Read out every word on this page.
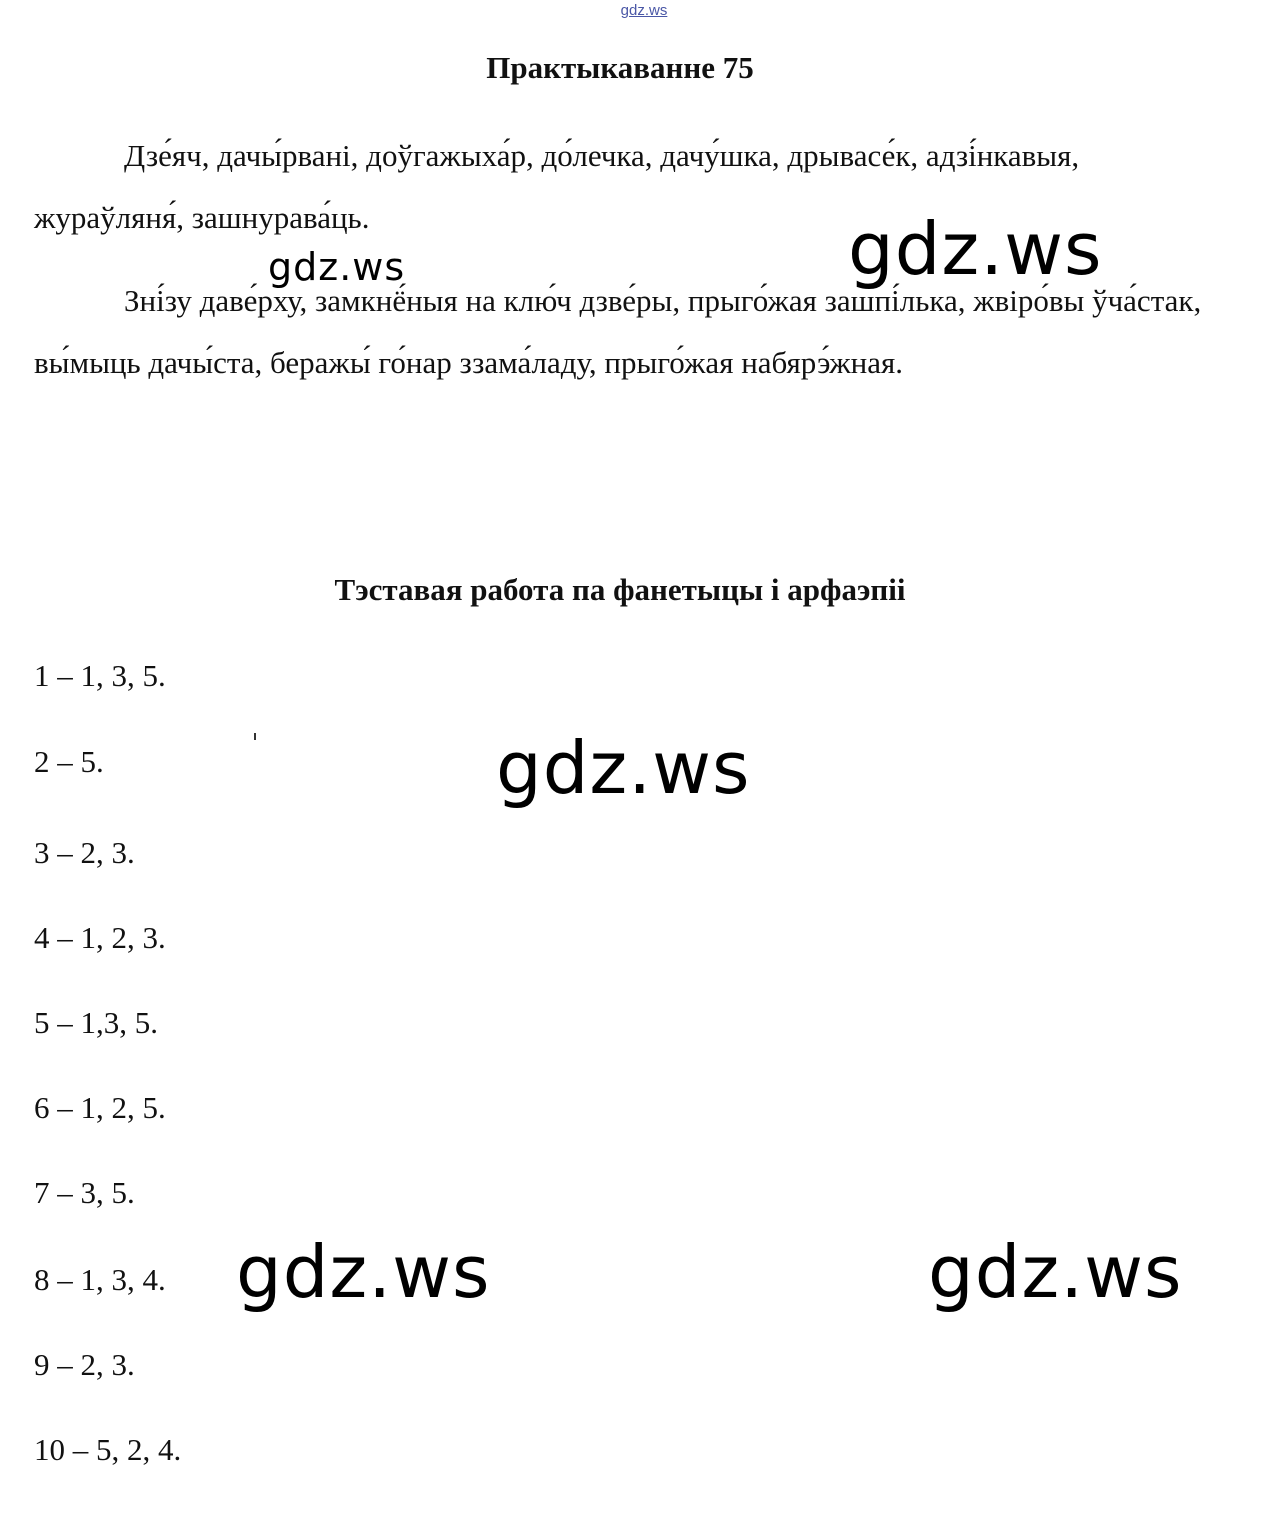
gdz.ws
Практыкаванне 75

Дзе́яч, дачы́рвані, доўгажыха́р, до́лечка, дачу́шка, дрывасе́к, адзі́нкавыя, жураўляня́, зашнурава́ць.

Зні́зу даве́рху, замкнё́ныя на клю́ч дзве́ры, прыго́жая зашпі́лька, жвіро́вы ўча́стак, вы́мыць дачы́ста, беражы́ го́нар ззама́ладу, прыго́жая набярэ́жная.

Тэставая работа па фанетыцы і арфаэпіі

1 – 1, 3, 5.

2 – 5.

3 – 2, 3.

4 – 1, 2, 3.

5 – 1,3, 5.

6 – 1, 2, 5.

7 – 3, 5.

8 – 1, 3, 4.

9 – 2, 3.

10 – 5, 2, 4.

gdz.ws	gdz.ws
gdz.ws
gdz.ws	gdz.ws
